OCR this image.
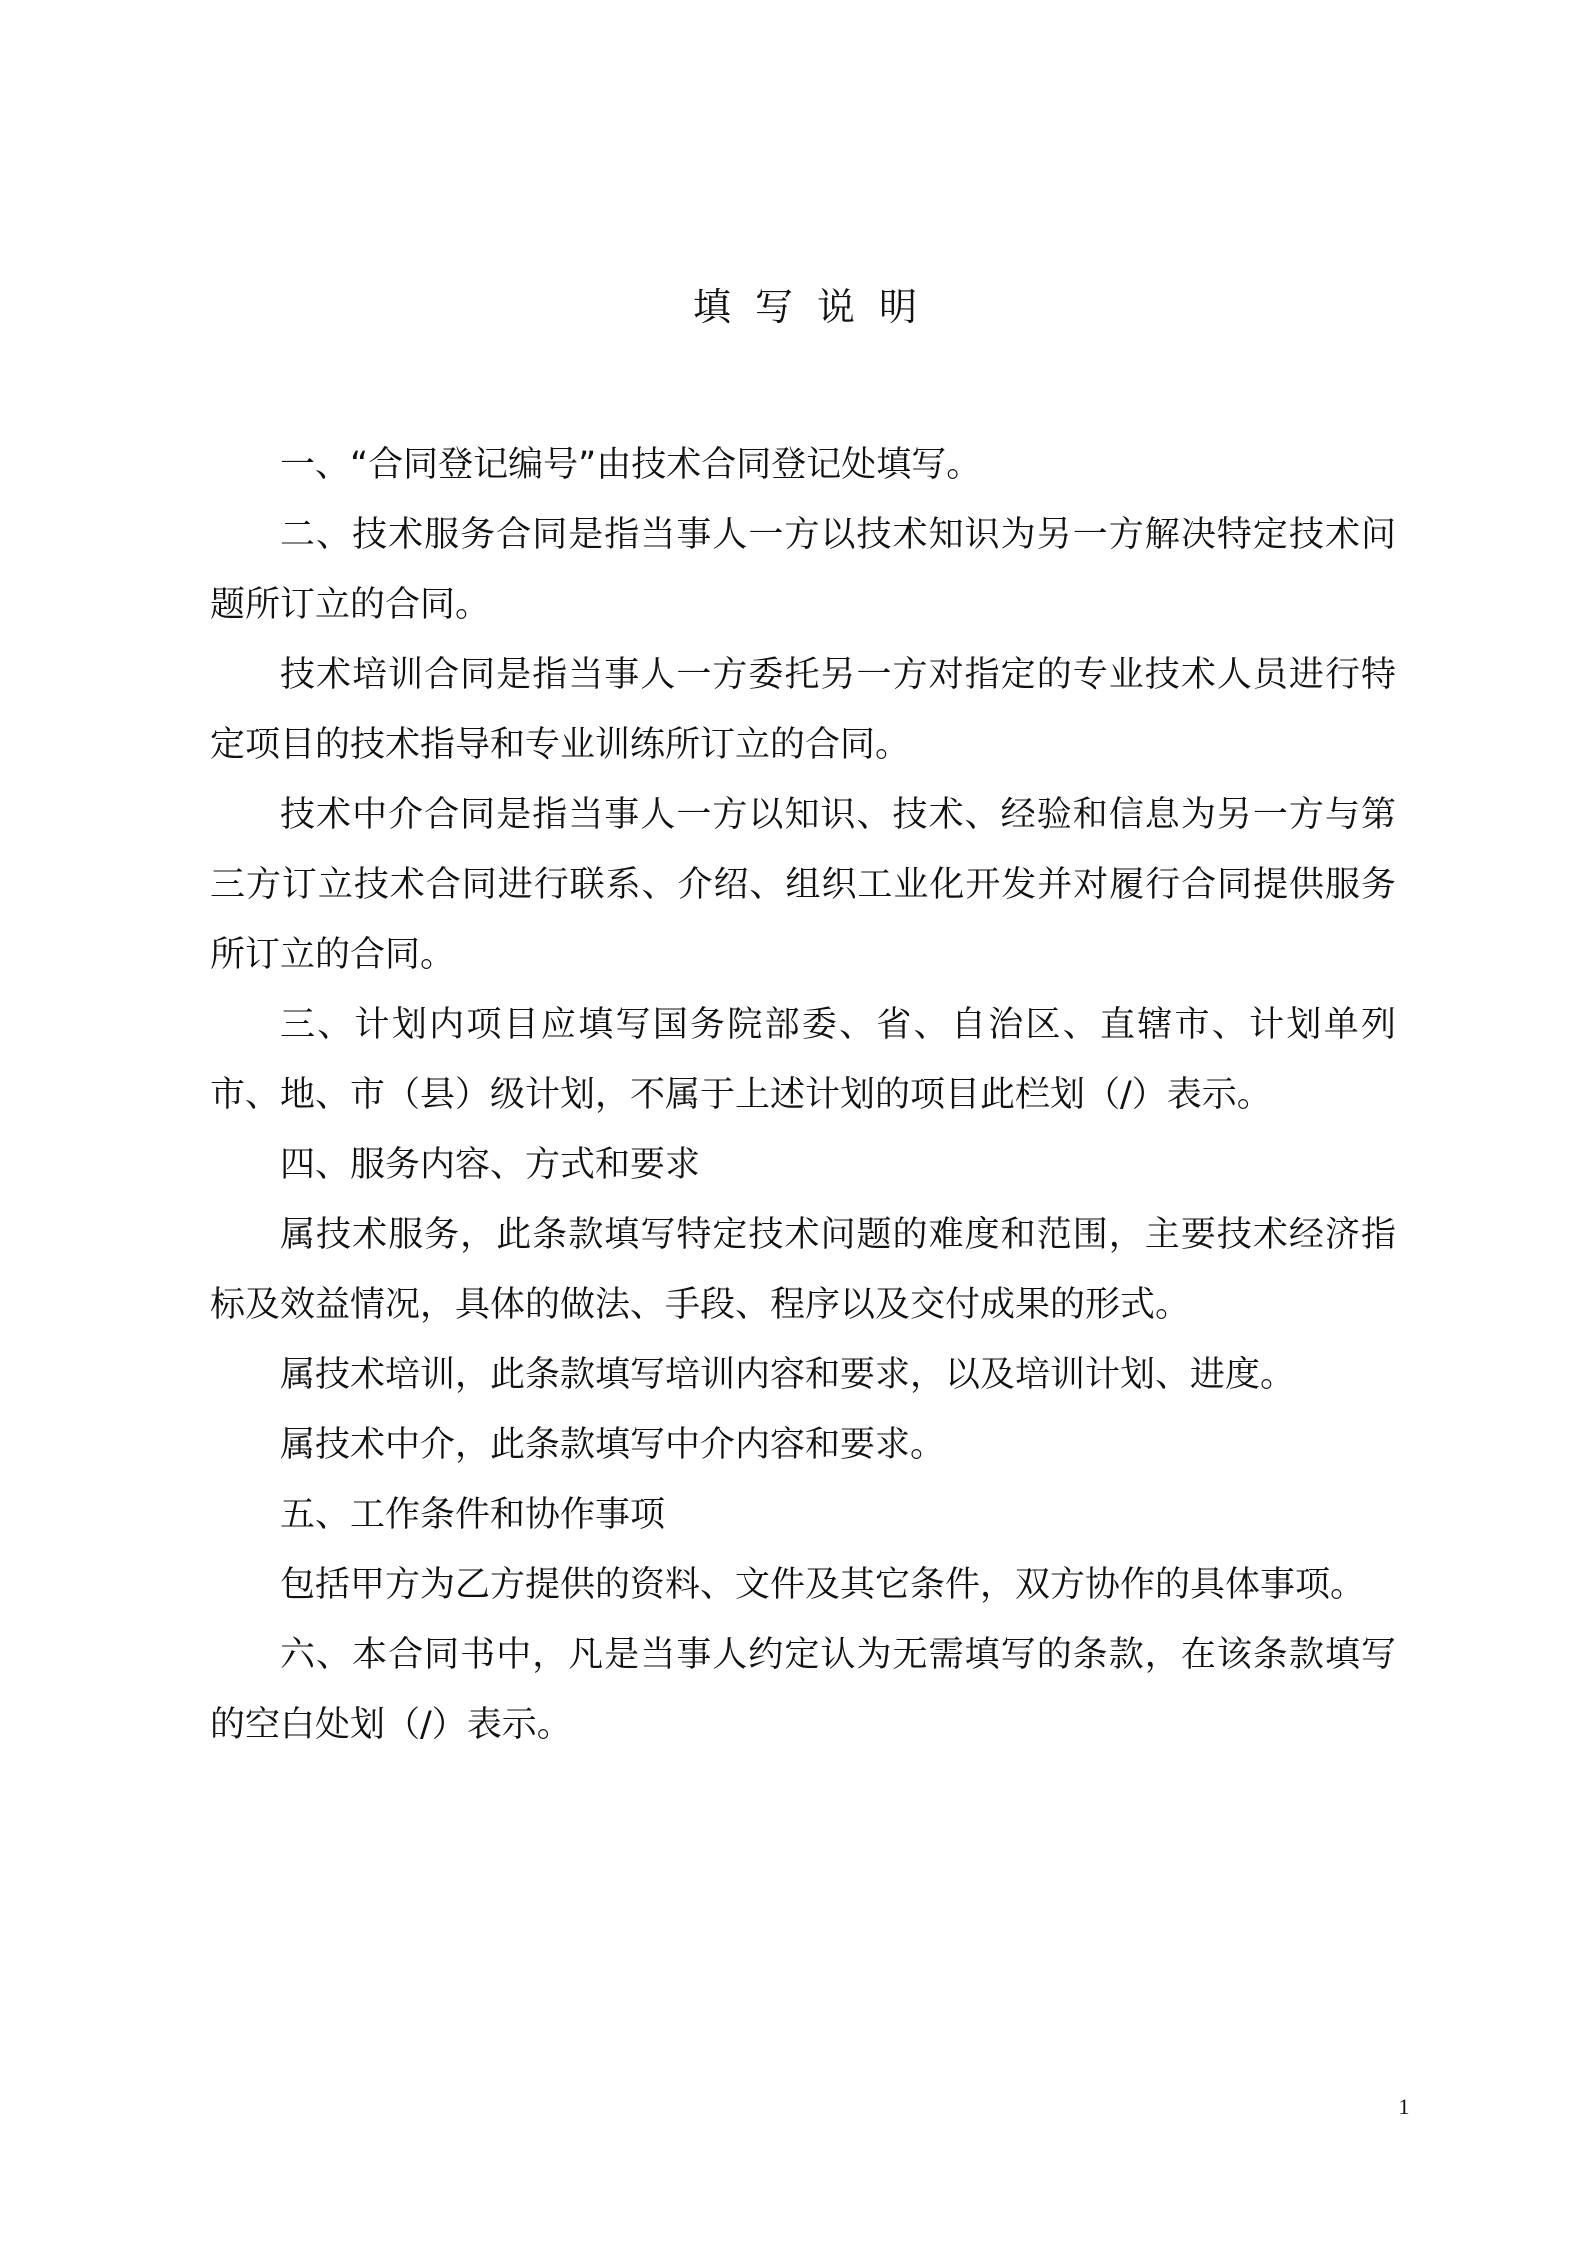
填写说明

一、“合同登记编号”由技术合同登记处填写。

二、技术服务合同是指当事人一方以技术知识为另一方解决特定技术问题所订立的合同。

技术培训合同是指当事人一方委托另一方对指定的专业技术人员进行特定项目的技术指导和专业训练所订立的合同。

技术中介合同是指当事人一方以知识、技术、经验和信息为另一方与第三方订立技术合同进行联系、介绍、组织工业化开发并对履行合同提供服务所订立的合同。

三、计划内项目应填写国务院部委、省、自治区、直辖市、计划单列市、地、市（县）级计划，不属于上述计划的项目此栏划（/）表示。

四、服务内容、方式和要求

属技术服务，此条款填写特定技术问题的难度和范围，主要技术经济指标及效益情况，具体的做法、手段、程序以及交付成果的形式。

属技术培训，此条款填写培训内容和要求，以及培训计划、进度。

属技术中介，此条款填写中介内容和要求。

五、工作条件和协作事项

包括甲方为乙方提供的资料、文件及其它条件，双方协作的具体事项。

六、本合同书中，凡是当事人约定认为无需填写的条款，在该条款填写的空白处划（/）表示。

1
